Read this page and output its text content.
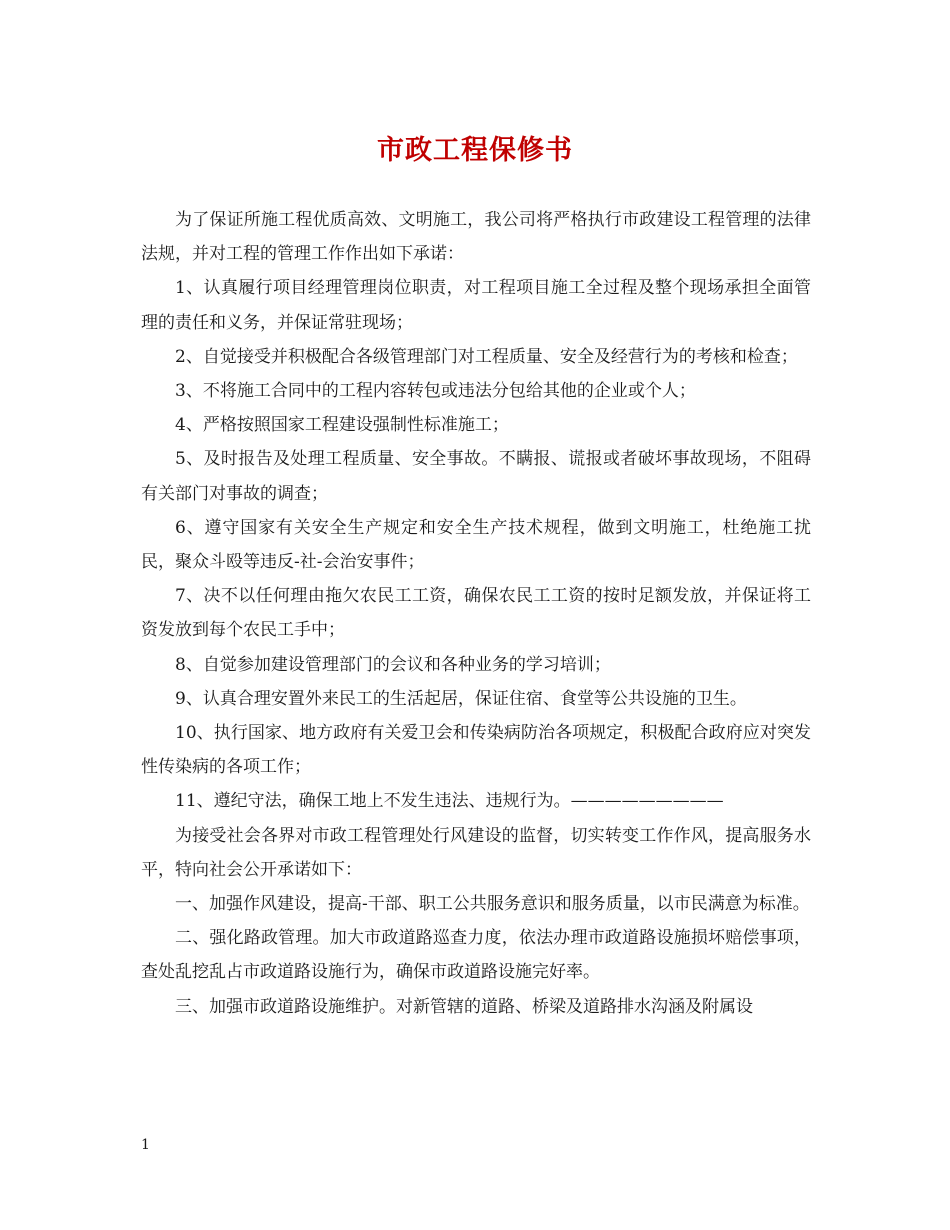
市政工程保修书

为了保证所施工程优质高效、文明施工，我公司将严格执行市政建设工程管理的法律法规，并对工程的管理工作作出如下承诺：

1、认真履行项目经理管理岗位职责，对工程项目施工全过程及整个现场承担全面管理的责任和义务，并保证常驻现场；

2、自觉接受并积极配合各级管理部门对工程质量、安全及经营行为的考核和检查；

3、不将施工合同中的工程内容转包或违法分包给其他的企业或个人；

4、严格按照国家工程建设强制性标准施工；

5、及时报告及处理工程质量、安全事故。不瞒报、谎报或者破坏事故现场，不阻碍有关部门对事故的调查；

6、遵守国家有关安全生产规定和安全生产技术规程，做到文明施工，杜绝施工扰民，聚众斗殴等违反-社-会治安事件；

7、决不以任何理由拖欠农民工工资，确保农民工工资的按时足额发放，并保证将工资发放到每个农民工手中；

8、自觉参加建设管理部门的会议和各种业务的学习培训；

9、认真合理安置外来民工的生活起居，保证住宿、食堂等公共设施的卫生。

10、执行国家、地方政府有关爱卫会和传染病防治各项规定，积极配合政府应对突发性传染病的各项工作；

11、遵纪守法，确保工地上不发生违法、违规行为。—————————

为接受社会各界对市政工程管理处行风建设的监督，切实转变工作作风，提高服务水平，特向社会公开承诺如下：

一、加强作风建设，提高-干部、职工公共服务意识和服务质量，以市民满意为标准。

二、强化路政管理。加大市政道路巡查力度，依法办理市政道路设施损坏赔偿事项，查处乱挖乱占市政道路设施行为，确保市政道路设施完好率。

三、加强市政道路设施维护。对新管辖的道路、桥梁及道路排水沟涵及附属设

1
